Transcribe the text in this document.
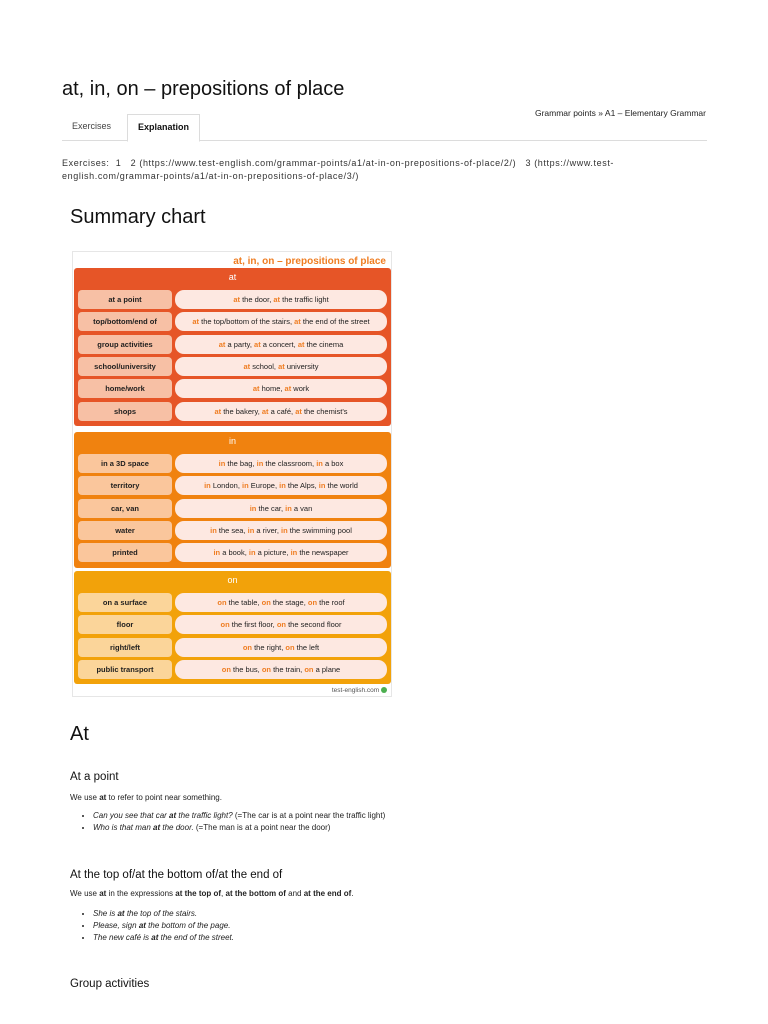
at, in, on – prepositions of place
Exercises	Explanation
Grammar points » A1 – Elementary Grammar
Exercises: 1 2 (https://www.test-english.com/grammar-points/a1/at-in-on-prepositions-of-place/2/) 3 (https://www.test-english.com/grammar-points/a1/at-in-on-prepositions-of-place/3/)
Summary chart
at, in, on – prepositions of place
test-english.com
at
at a point	at the door, at the traffic light
top/bottom/end of	at the top/bottom of the stairs, at the end of the street
group activities	at a party, at a concert, at the cinema
school/university	at school, at university
home/work	at home, at work
shops	at the bakery, at a café, at the chemist's
in
in a 3D space	in the bag, in the classroom, in a box
territory	in London, in Europe, in the Alps, in the world
car, van	in the car, in a van
water	in the sea, in a river, in the swimming pool
printed	in a book, in a picture, in the newspaper
on
on a surface	on the table, on the stage, on the roof
floor	on the first floor, on the second floor
right/left	on the right, on the left
public transport	on the bus, on the train, on a plane
At
At a point

We use at to refer to point near something.

• Can you see that car at the traffic light? (=The car is at a point near the traffic light)
• Who is that man at the door. (=The man is at a point near the door)
At the top of/at the bottom of/at the end of

We use at in the expressions at the top of, at the bottom of and at the end of.

• She is at the top of the stairs.
• Please, sign at the bottom of the page.
• The new café is at the end of the street.
Group activities
